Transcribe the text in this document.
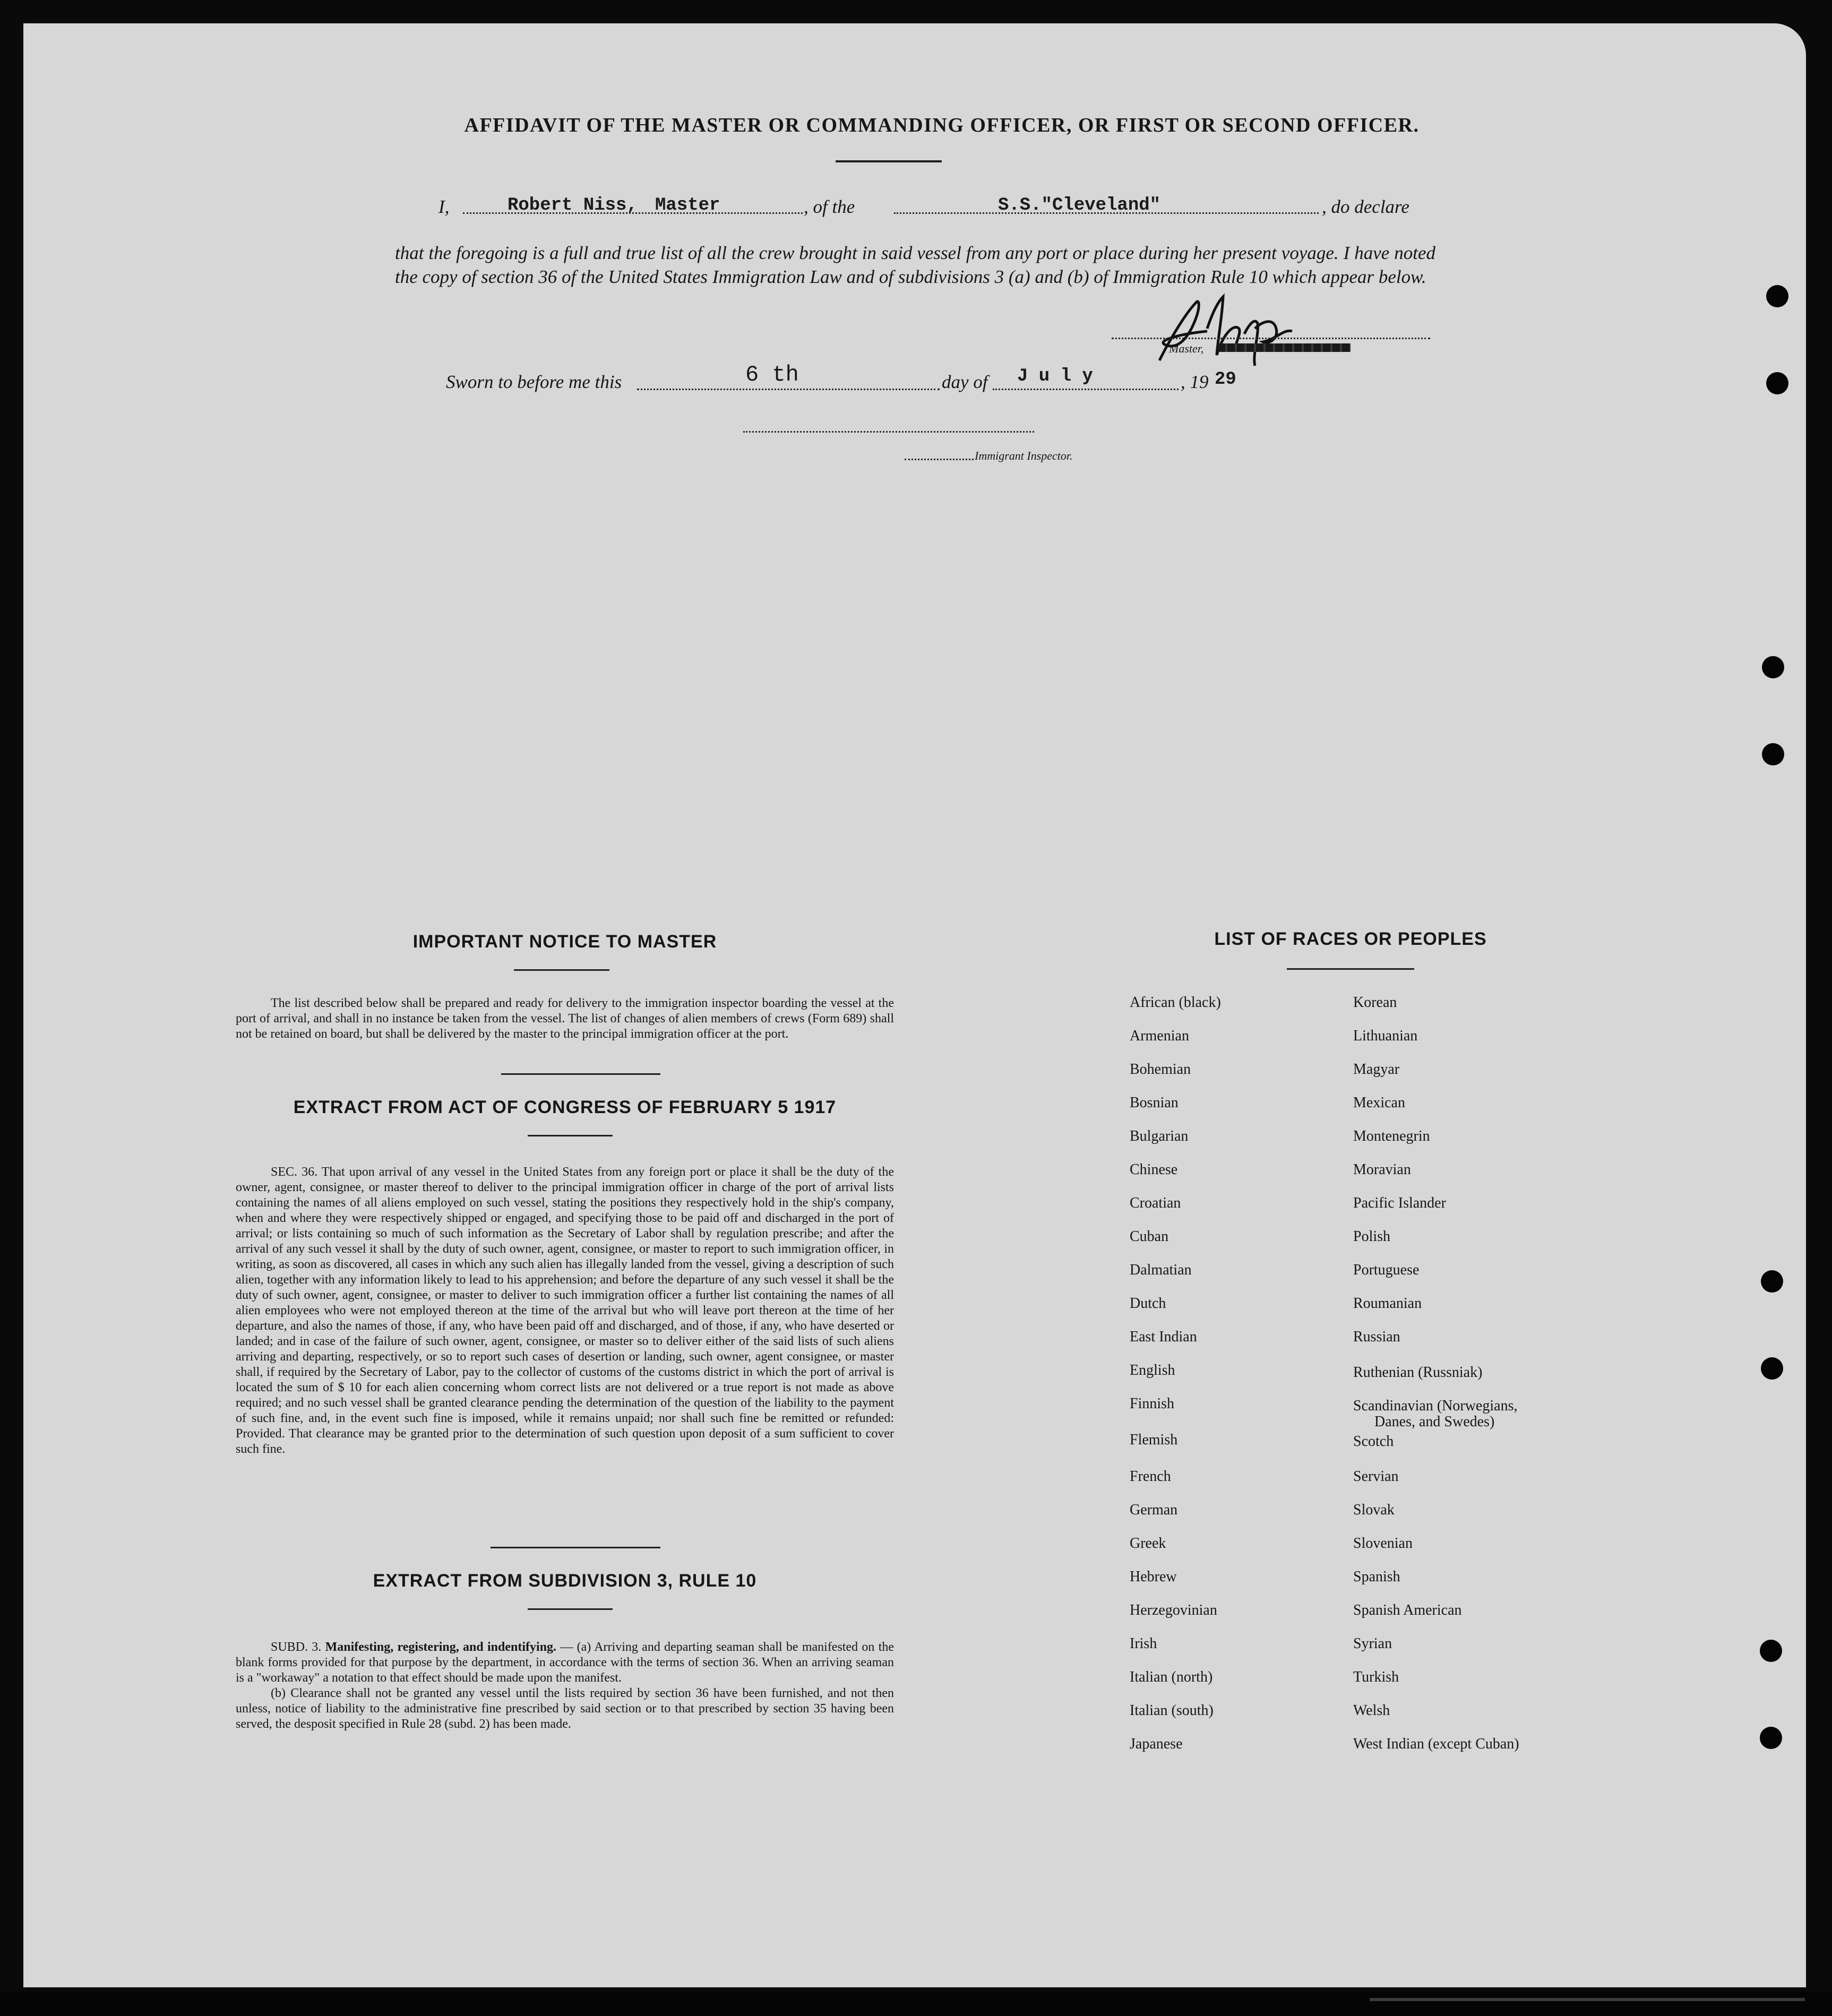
AFFIDAVIT OF THE MASTER OR COMMANDING OFFICER, OR FIRST OR SECOND OFFICER.
I,	Robert Niss, Master	, of the	S.S."Cleveland"	, do declare
that the foregoing is a full and true list of all the crew brought in said vessel from any port or place during her present voyage. I have noted the copy of section 36 of the United States Immigration Law and of subdivisions 3 (a) and (b) of Immigration Rule 10 which appear below.
Master,
Sworn to before me this	6 th	day of J u l y	, 19 29
Immigrant Inspector.
IMPORTANT NOTICE TO MASTER
The list described below shall be prepared and ready for delivery to the immigration inspector boarding the vessel at the port of arrival, and shall in no instance be taken from the vessel. The list of changes of alien members of crews (Form 689) shall not be retained on board, but shall be delivered by the master to the principal immigration officer at the port.
EXTRACT FROM ACT OF CONGRESS OF FEBRUARY 5 1917
SEC. 36. That upon arrival of any vessel in the United States from any foreign port or place it shall be the duty of the owner, agent, consignee, or master thereof to deliver to the principal immigration officer in charge of the port of arrival lists containing the names of all aliens employed on such vessel, stating the positions they respectively hold in the ship's company, when and where they were respectively shipped or engaged, and specifying those to be paid off and discharged in the port of arrival; or lists containing so much of such information as the Secretary of Labor shall by regulation prescribe; and after the arrival of any such vessel it shall by the duty of such owner, agent, consignee, or master to report to such immigration officer, in writing, as soon as discovered, all cases in which any such alien has illegally landed from the vessel, giving a description of such alien, together with any information likely to lead to his apprehension; and before the departure of any such vessel it shall be the duty of such owner, agent, consignee, or master to deliver to such immigration officer a further list containing the names of all alien employees who were not employed thereon at the time of the arrival but who will leave port thereon at the time of her departure, and also the names of those, if any, who have been paid off and discharged, and of those, if any, who have deserted or landed; and in case of the failure of such owner, agent, consignee, or master so to deliver either of the said lists of such aliens arriving and departing, respectively, or so to report such cases of desertion or landing, such owner, agent consignee, or master shall, if required by the Secretary of Labor, pay to the collector of customs of the customs district in which the port of arrival is located the sum of $ 10 for each alien concerning whom correct lists are not delivered or a true report is not made as above required; and no such vessel shall be granted clearance pending the determination of the question of the liability to the payment of such fine, and, in the event such fine is imposed, while it remains unpaid; nor shall such fine be remitted or refunded: Provided. That clearance may be granted prior to the determination of such question upon deposit of a sum sufficient to cover such fine.
EXTRACT FROM SUBDIVISION 3, RULE 10

SUBD. 3. Manifesting, registering, and indentifying. — (a) Arriving and departing seaman shall be manifested on the blank forms provided for that purpose by the department, in accordance with the terms of section 36. When an arriving seaman is a "workaway" a notation to that effect should be made upon the manifest.

(b) Clearance shall not be granted any vessel until the lists required by section 36 have been furnished, and not then unless, notice of liability to the administrative fine prescribed by said section or to that prescribed by section 35 having been served, the desposit specified in Rule 28 (subd. 2) has been made.

LIST OF RACES OR PEOPLES
African (black)
Armenian
Bohemian
Bosnian
Bulgarian
Chinese
Croatian
Cuban
Dalmatian
Dutch
East Indian
English
Finnish
Flemish
French
German
Greek
Hebrew
Herzegovinian
Irish
Italian (north)
Italian (south)
Japanese
Korean
Lithuanian
Magyar
Mexican
Montenegrin
Moravian
Pacific Islander
Polish
Portuguese
Roumanian
Russian
Ruthenian (Russniak)
Scandinavian (Norwegians,
Danes, and Swedes)
Scotch
Servian
Slovak
Slovenian
Spanish
Spanish American
Syrian
Turkish
Welsh
West Indian (except Cuban)
